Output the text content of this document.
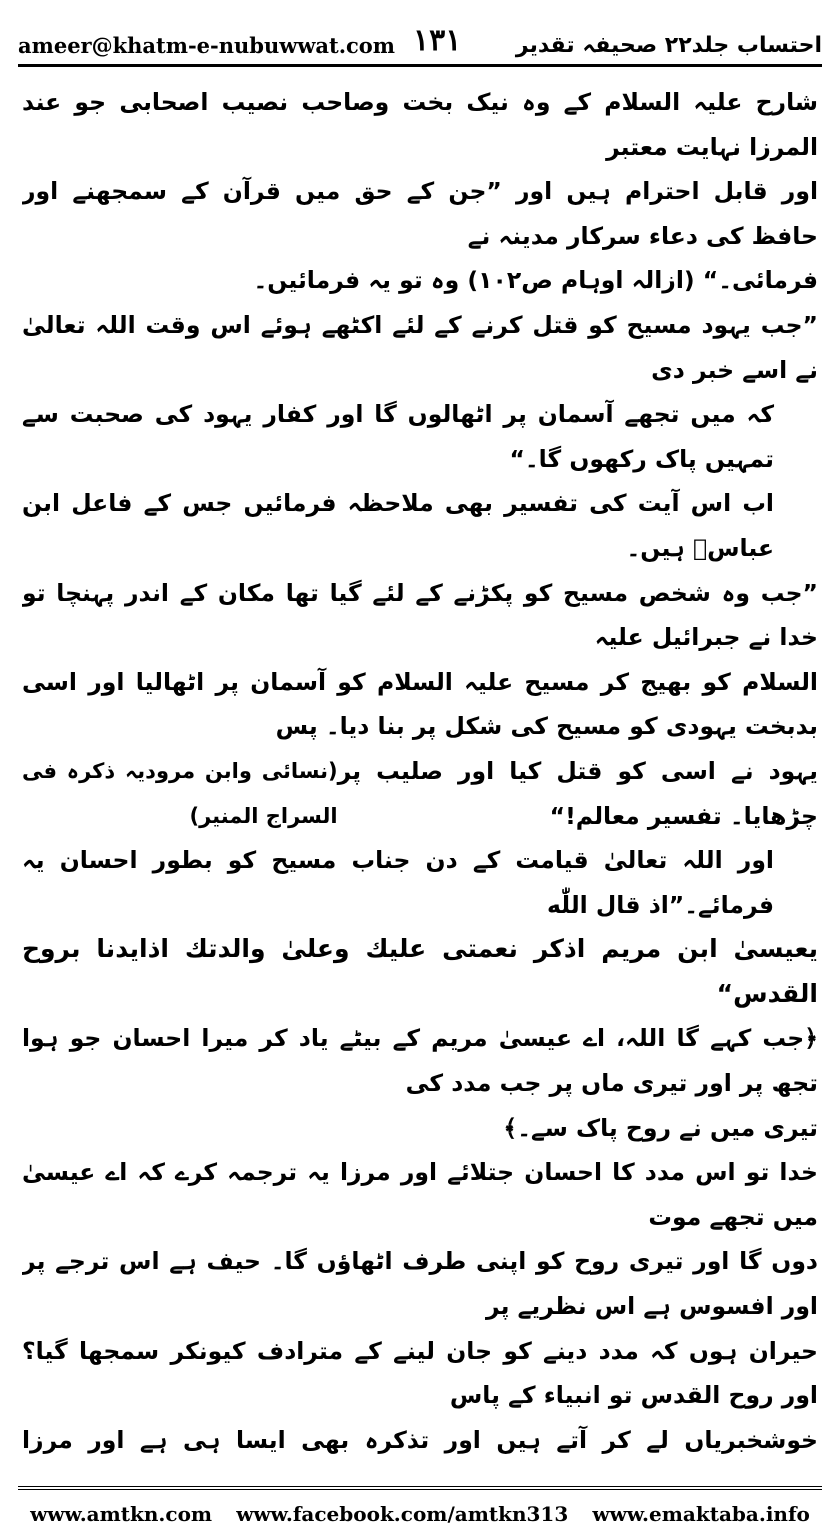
ameer@khatm-e-nubuwwat.com ۱۳۱ احتساب جلد۲۲ صحیفہ تقدیر

شارح علیہ السلام کے وہ نیک بخت وصاحب نصیب اصحابی جو عند المرزا نہایت معتبر

اور قابل احترام ہیں اور ”جن کے حق میں قرآن کے سمجھنے اور حافظ کی دعاء سرکار مدینہ نے

فرمائی۔“ (ازالہ اوہام ص۱۰۲) وہ تو یہ فرمائیں۔

”جب یہود مسیح کو قتل کرنے کے لئے اکٹھے ہوئے اس وقت اللہ تعالیٰ نے اسے خبر دی

کہ میں تجھے آسمان پر اٹھالوں گا اور کفار یہود کی صحبت سے تمہیں پاک رکھوں گا۔“

اب اس آیت کی تفسیر بھی ملاحظہ فرمائیں جس کے فاعل ابن عباسؓ ہیں۔

”جب وہ شخص مسیح کو پکڑنے کے لئے گیا تھا مکان کے اندر پہنچا تو خدا نے جبرائیل علیہ

السلام کو بھیج کر مسیح علیہ السلام کو آسمان پر اٹھالیا اور اسی بدبخت یہودی کو مسیح کی شکل پر بنا دیا۔ پس

یہود نے اسی کو قتل کیا اور صلیب پر چڑھایا۔ تفسیر معالم!“
(نسائی وابن مرودیہ ذکرہ فی السراج المنیر)

اور اللہ تعالیٰ قیامت کے دن جناب مسیح کو بطور احسان یہ فرمائے۔”اذ قال اللّٰه

یعیسیٰ ابن مریم اذکر نعمتی علیك وعلیٰ والدتك اذایدنا بروح القدس“

﴿جب کہے گا اللہ، اے عیسیٰ مریم کے بیٹے یاد کر میرا احسان جو ہوا تجھ پر اور تیری ماں پر جب مدد کی

تیری میں نے روح پاک سے۔﴾

خدا تو اس مدد کا احسان جتلائے اور مرزا یہ ترجمہ کرے کہ اے عیسیٰ میں تجھے موت

دوں گا اور تیری روح کو اپنی طرف اٹھاؤں گا۔ حیف ہے اس ترجے پر اور افسوس ہے اس نظریے پر

حیران ہوں کہ مدد دینے کو جان لینے کے مترادف کیونکر سمجھا گیا؟ اور روح القدس تو انبیاء کے پاس

خوشخبریاں لے کر آتے ہیں اور تذکرہ بھی ایسا ہی ہے اور مرزا

www.amtkn.com www.facebook.com/amtkn313 www.emaktaba.info
